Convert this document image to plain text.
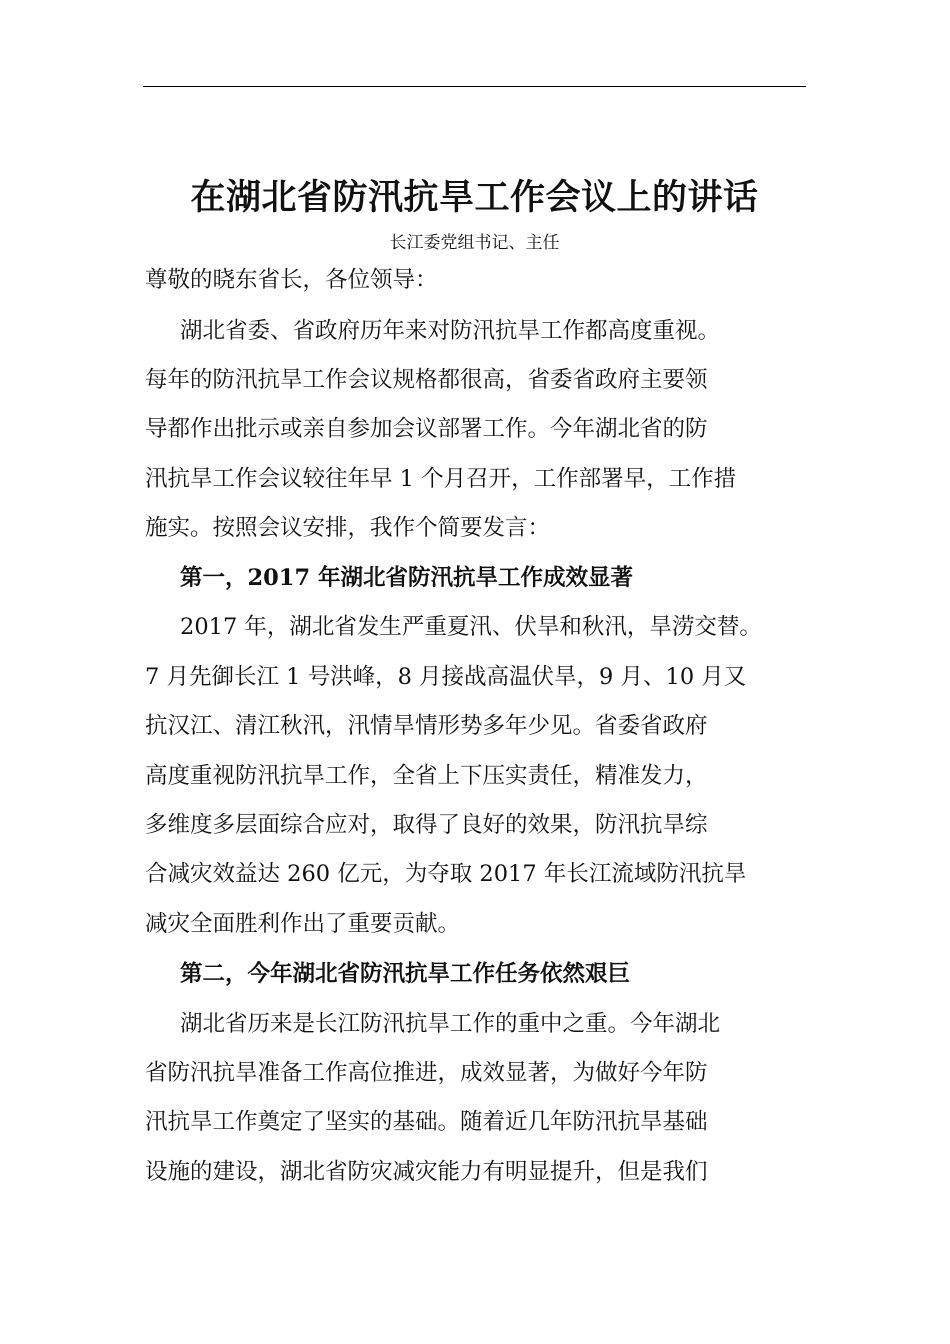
在湖北省防汛抗旱工作会议上的讲话
长江委党组书记、主任
尊敬的晓东省长，各位领导：
湖北省委、省政府历年来对防汛抗旱工作都高度重视。
每年的防汛抗旱工作会议规格都很高，省委省政府主要领
导都作出批示或亲自参加会议部署工作。今年湖北省的防
汛抗旱工作会议较往年早 1 个月召开，工作部署早，工作措
施实。按照会议安排，我作个简要发言：
第一，2017 年湖北省防汛抗旱工作成效显著
2017 年，湖北省发生严重夏汛、伏旱和秋汛，旱涝交替。
7 月先御长江 1 号洪峰，8 月接战高温伏旱，9 月、10 月又
抗汉江、清江秋汛，汛情旱情形势多年少见。省委省政府
高度重视防汛抗旱工作，全省上下压实责任，精准发力，
多维度多层面综合应对，取得了良好的效果，防汛抗旱综
合减灾效益达 260 亿元，为夺取 2017 年长江流域防汛抗旱
减灾全面胜利作出了重要贡献。
第二，今年湖北省防汛抗旱工作任务依然艰巨
湖北省历来是长江防汛抗旱工作的重中之重。今年湖北
省防汛抗旱准备工作高位推进，成效显著，为做好今年防
汛抗旱工作奠定了坚实的基础。随着近几年防汛抗旱基础
设施的建设，湖北省防灾减灾能力有明显提升，但是我们
